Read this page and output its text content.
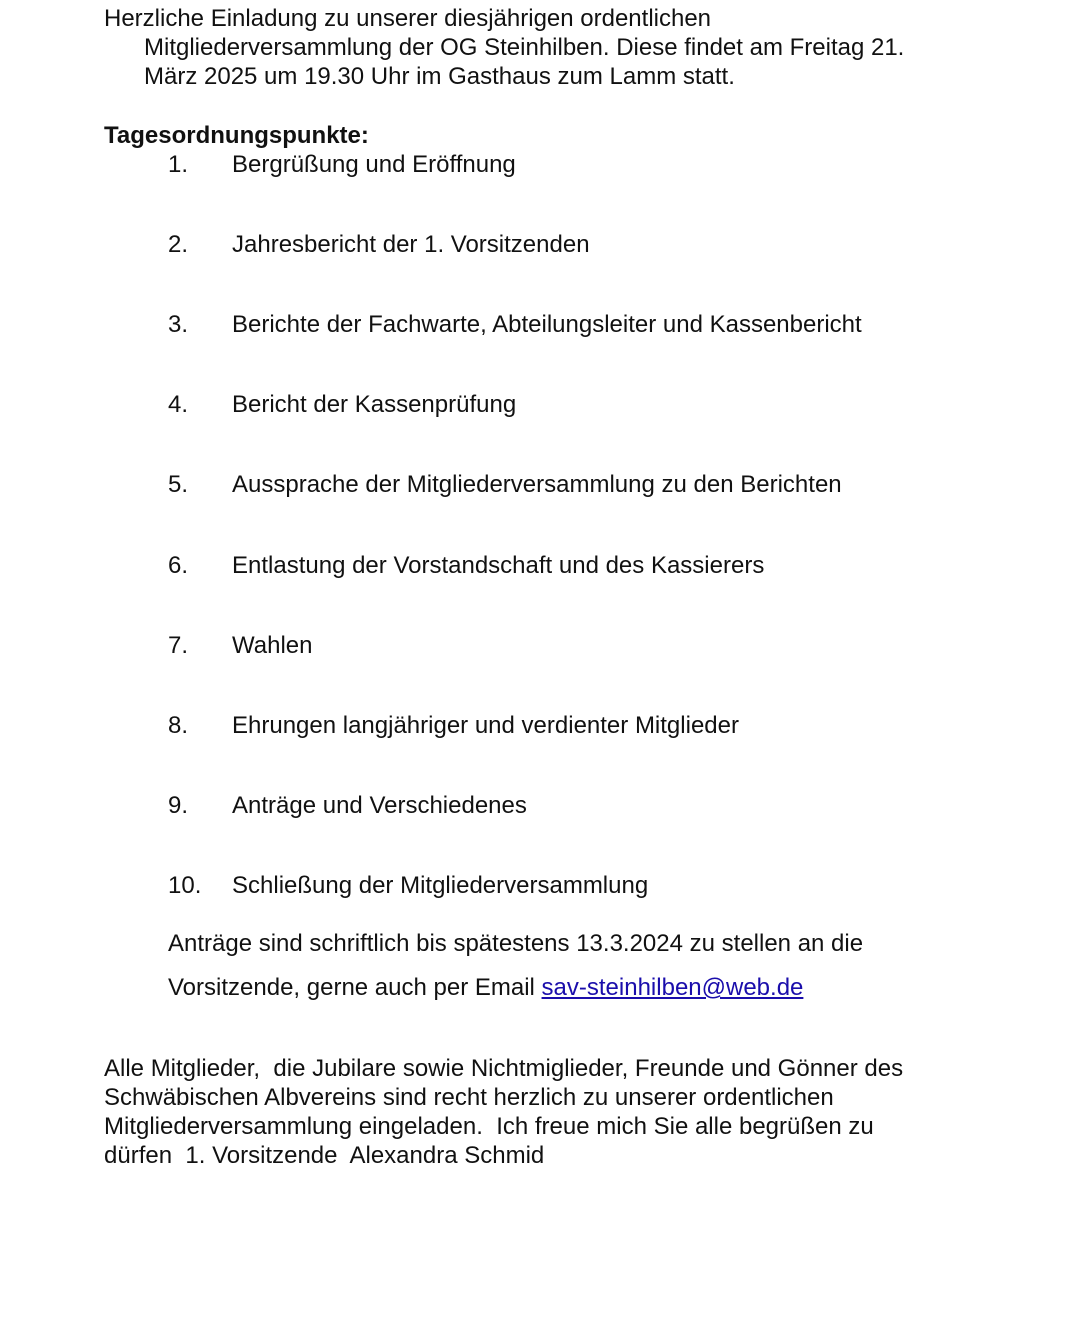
Herzliche Einladung zu unserer diesjährigen ordentlichen
Mitgliederversammlung der OG Steinhilben. Diese findet am Freitag 21.
März 2025 um 19.30 Uhr im Gasthaus zum Lamm statt.

Tagesordnungspunkte:

1. Bergrüßung und Eröffnung
2. Jahresbericht der 1. Vorsitzenden
3. Berichte der Fachwarte, Abteilungsleiter und Kassenbericht
4. Bericht der Kassenprüfung
5. Aussprache der Mitgliederversammlung zu den Berichten
6. Entlastung der Vorstandschaft und des Kassierers
7. Wahlen
8. Ehrungen langjähriger und verdienter Mitglieder
9. Anträge und Verschiedenes
10. Schließung der Mitgliederversammlung

Anträge sind schriftlich bis spätestens 13.3.2024 zu stellen an die
Vorsitzende, gerne auch per Email sav-steinhilben@web.de

Alle Mitglieder,  die Jubilare sowie Nichtmiglieder, Freunde und Gönner des
Schwäbischen Albvereins sind recht herzlich zu unserer ordentlichen
Mitgliederversammlung eingeladen.  Ich freue mich Sie alle begrüßen zu
dürfen  1. Vorsitzende  Alexandra Schmid
